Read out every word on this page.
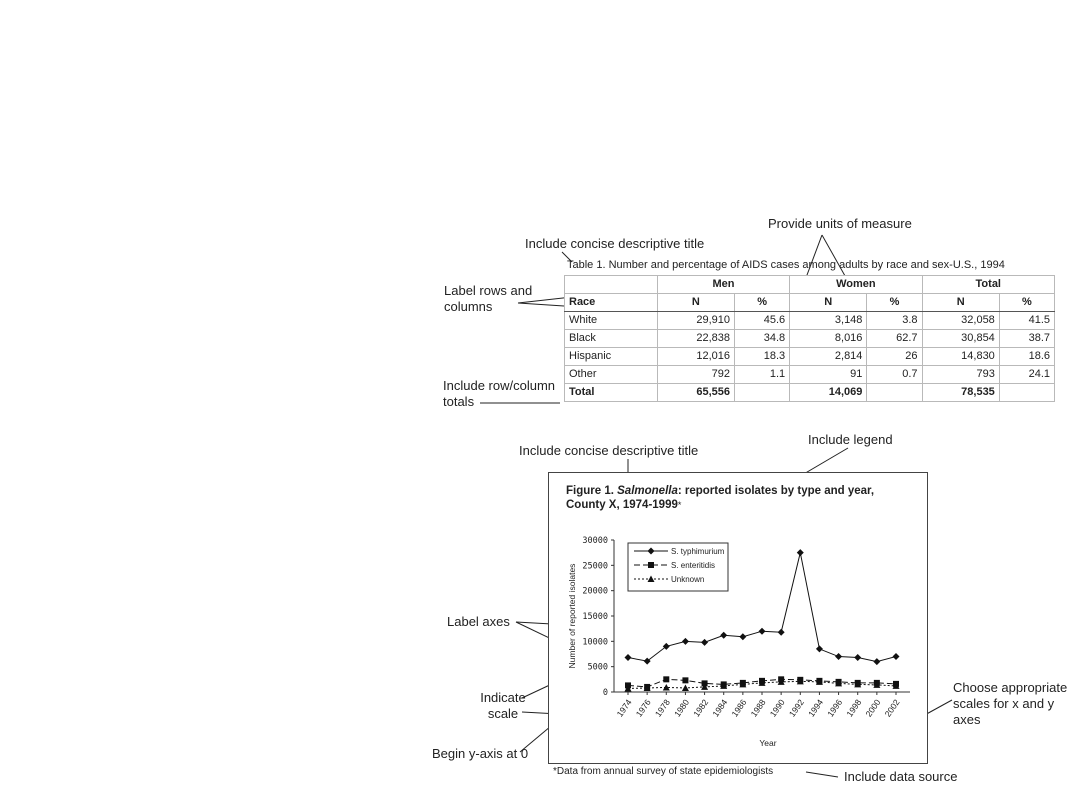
Include concise descriptive title
Provide units of measure
Label rows and columns
Include row/column totals
Include concise descriptive title
Include legend
Label axes
Indicate scale
Begin y-axis at 0
Choose appropriate scales for x and y axes
Include data source
Table 1. Number and percentage of AIDS cases among adults by race and sex-U.S., 1994
	Men		Women		Total	
Race	N	%	N	%	N	%
White	29,910	45.6	3,148	3.8	32,058	41.5
Black	22,838	34.8	8,016	62.7	30,854	38.7
Hispanic	12,016	18.3	2,814	26	14,830	18.6
Other	792	1.1	91	0.7	793	24.1
Total	65,556		14,069		78,535	
Figure 1. Salmonella: reported isolates by type and year,
County X, 1974-1999*
0
5000
10000
15000
20000
25000
30000
1974 1976 1978 1980 1982 1984 1986 1988 1990 1992 1994 1996 1998 2000 2002
Number of reported isolates
Year
S. typhimurium
S. enteritidis
Unknown
*Data from annual survey of state epidemiologists
